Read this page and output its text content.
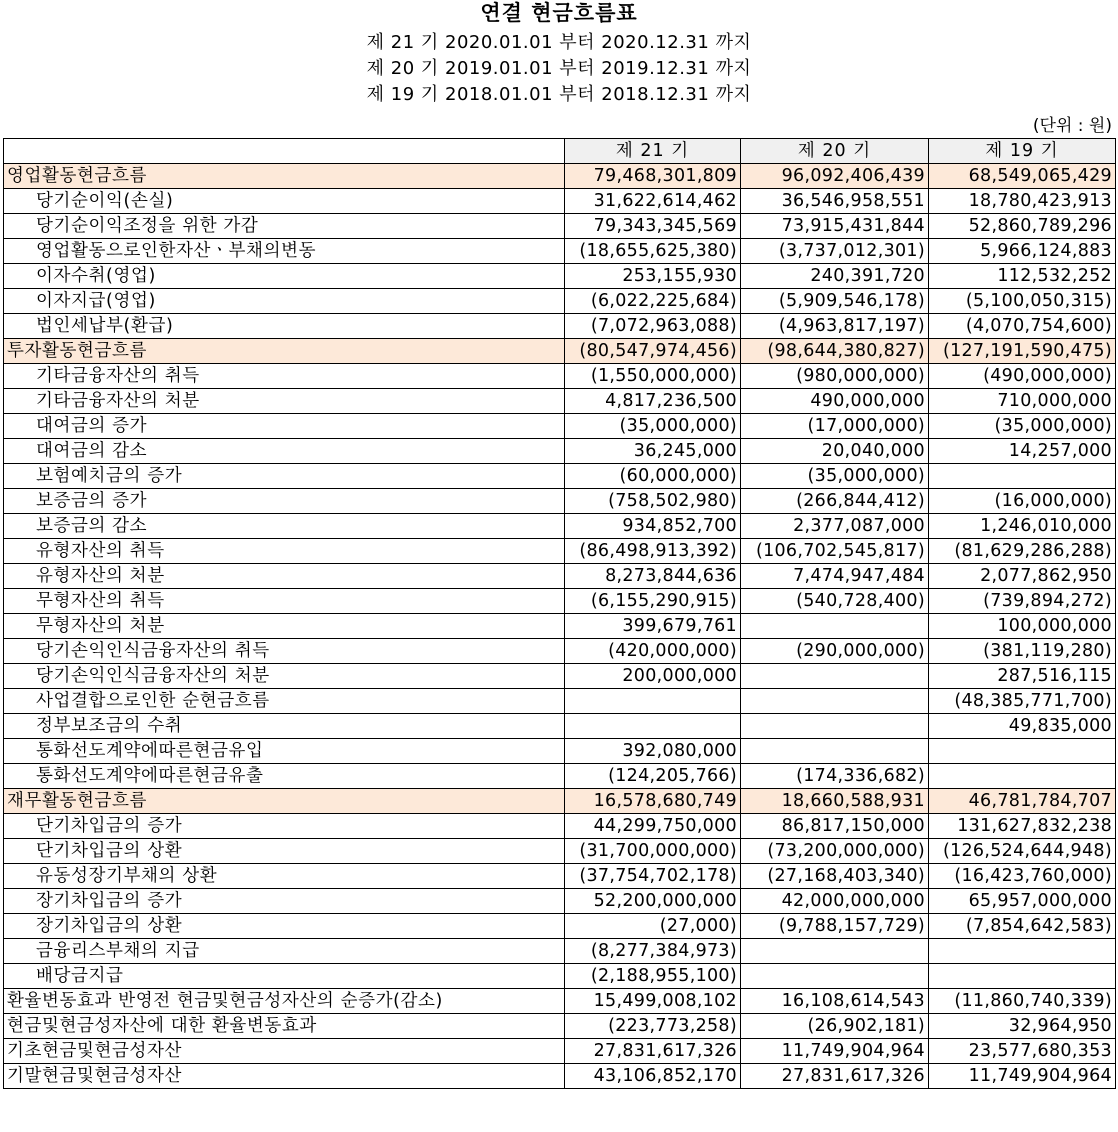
연결 현금흐름표
제 21 기 2020.01.01 부터 2020.12.31 까지
제 20 기 2019.01.01 부터 2019.12.31 까지
제 19 기 2018.01.01 부터 2018.12.31 까지
(단위 : 원)
	제 21 기	제 20 기	제 19 기
영업활동현금흐름	79,468,301,809	96,092,406,439	68,549,065,429
당기순이익(손실)	31,622,614,462	36,546,958,551	18,780,423,913
당기순이익조정을 위한 가감	79,343,345,569	73,915,431,844	52,860,789,296
영업활동으로인한자산ㆍ부채의변동	(18,655,625,380)	(3,737,012,301)	5,966,124,883
이자수취(영업)	253,155,930	240,391,720	112,532,252
이자지급(영업)	(6,022,225,684)	(5,909,546,178)	(5,100,050,315)
법인세납부(환급)	(7,072,963,088)	(4,963,817,197)	(4,070,754,600)
투자활동현금흐름	(80,547,974,456)	(98,644,380,827)	(127,191,590,475)
기타금융자산의 취득	(1,550,000,000)	(980,000,000)	(490,000,000)
기타금융자산의 처분	4,817,236,500	490,000,000	710,000,000
대여금의 증가	(35,000,000)	(17,000,000)	(35,000,000)
대여금의 감소	36,245,000	20,040,000	14,257,000
보험예치금의 증가	(60,000,000)	(35,000,000)	
보증금의 증가	(758,502,980)	(266,844,412)	(16,000,000)
보증금의 감소	934,852,700	2,377,087,000	1,246,010,000
유형자산의 취득	(86,498,913,392)	(106,702,545,817)	(81,629,286,288)
유형자산의 처분	8,273,844,636	7,474,947,484	2,077,862,950
무형자산의 취득	(6,155,290,915)	(540,728,400)	(739,894,272)
무형자산의 처분	399,679,761		100,000,000
당기손익인식금융자산의 취득	(420,000,000)	(290,000,000)	(381,119,280)
당기손익인식금융자산의 처분	200,000,000		287,516,115
사업결합으로인한 순현금흐름			(48,385,771,700)
정부보조금의 수취			49,835,000
통화선도계약에따른현금유입	392,080,000		
통화선도계약에따른현금유출	(124,205,766)	(174,336,682)	
재무활동현금흐름	16,578,680,749	18,660,588,931	46,781,784,707
단기차입금의 증가	44,299,750,000	86,817,150,000	131,627,832,238
단기차입금의 상환	(31,700,000,000)	(73,200,000,000)	(126,524,644,948)
유동성장기부채의 상환	(37,754,702,178)	(27,168,403,340)	(16,423,760,000)
장기차입금의 증가	52,200,000,000	42,000,000,000	65,957,000,000
장기차입금의 상환	(27,000)	(9,788,157,729)	(7,854,642,583)
금융리스부채의 지급	(8,277,384,973)		
배당금지급	(2,188,955,100)		
환율변동효과 반영전 현금및현금성자산의 순증가(감소)	15,499,008,102	16,108,614,543	(11,860,740,339)
현금및현금성자산에 대한 환율변동효과	(223,773,258)	(26,902,181)	32,964,950
기초현금및현금성자산	27,831,617,326	11,749,904,964	23,577,680,353
기말현금및현금성자산	43,106,852,170	27,831,617,326	11,749,904,964
